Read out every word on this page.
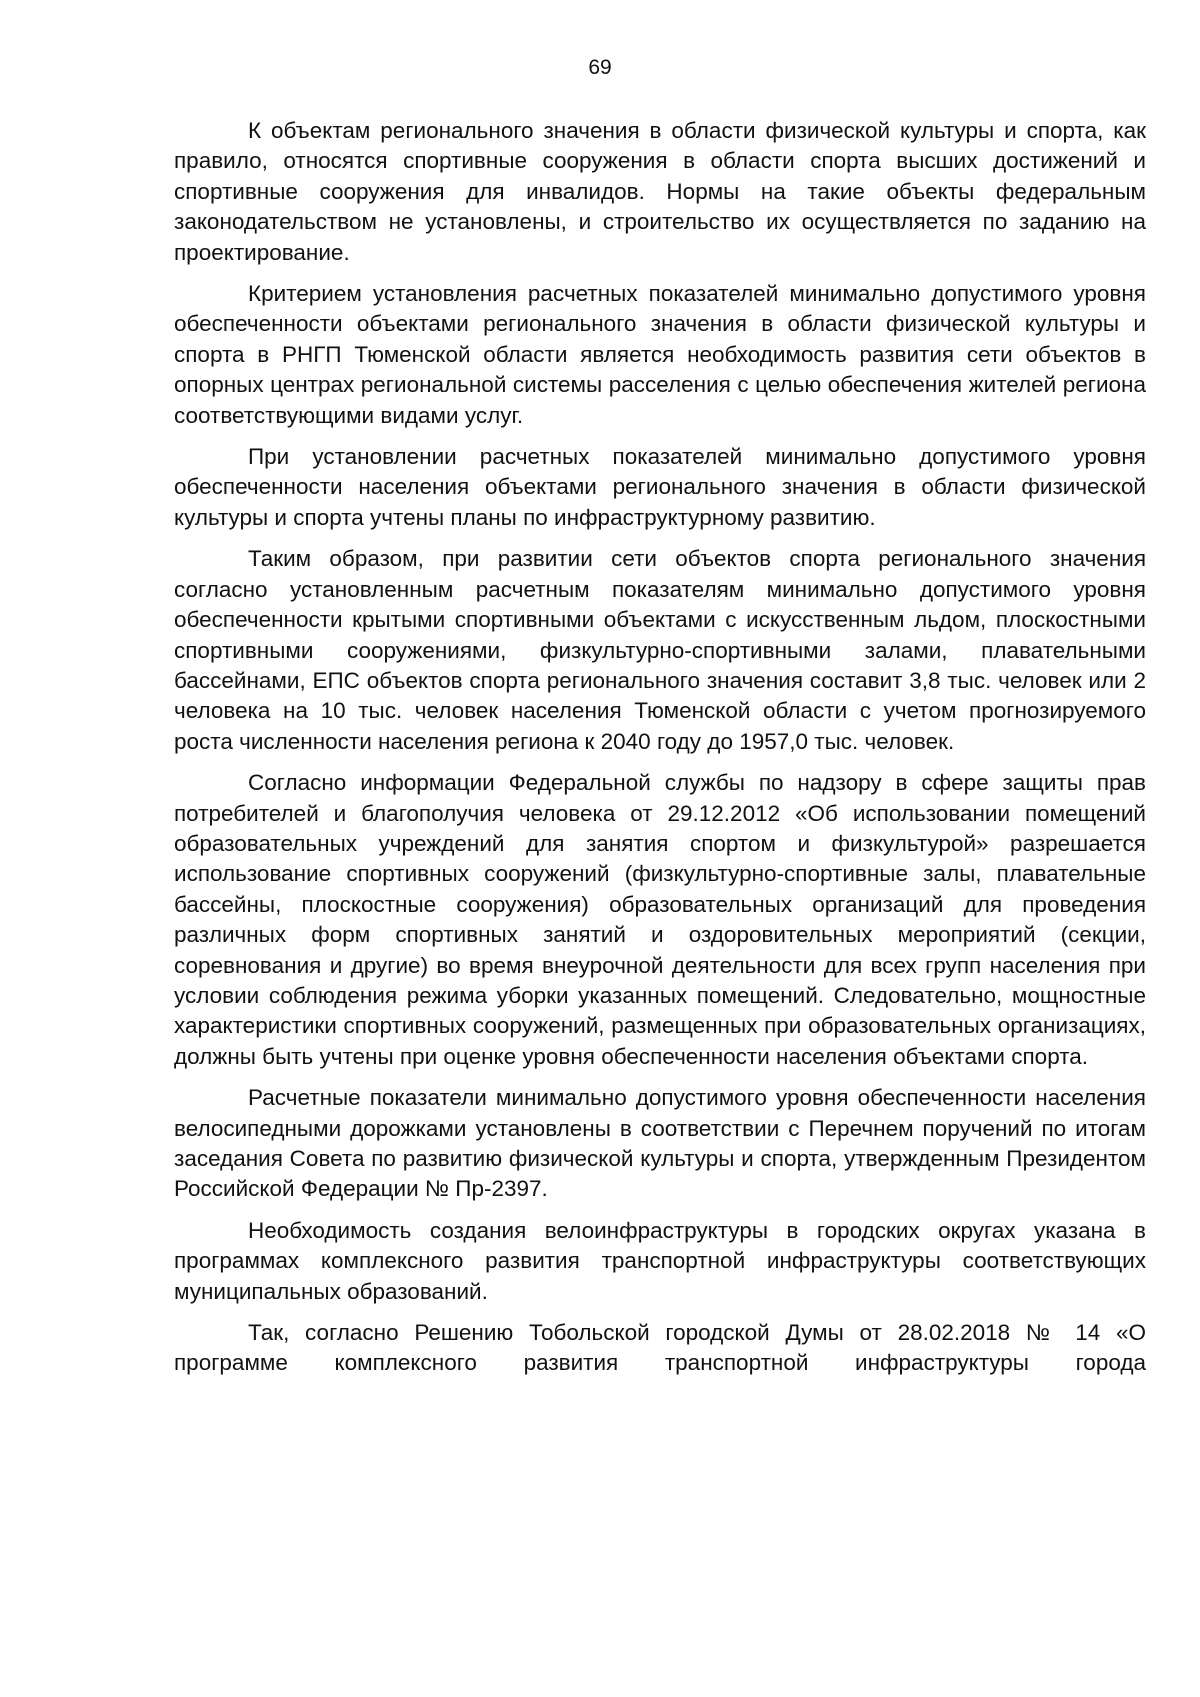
69

К объектам регионального значения в области физической культуры и спорта, как правило, относятся спортивные сооружения в области спорта высших достижений и спортивные сооружения для инвалидов. Нормы на такие объекты федеральным законодательством не установлены, и строительство их осуществляется по заданию на проектирование.

Критерием установления расчетных показателей минимально допустимого уровня обеспеченности объектами регионального значения в области физической культуры и спорта в РНГП Тюменской области является необходимость развития сети объектов в опорных центрах региональной системы расселения с целью обеспечения жителей региона соответствующими видами услуг.

При установлении расчетных показателей минимально допустимого уровня обеспеченности населения объектами регионального значения в области физической культуры и спорта учтены планы по инфраструктурному развитию.

Таким образом, при развитии сети объектов спорта регионального значения согласно установленным расчетным показателям минимально допустимого уровня обеспеченности крытыми спортивными объектами с искусственным льдом, плоскостными спортивными сооружениями, физкультурно-спортивными залами, плавательными бассейнами, ЕПС объектов спорта регионального значения составит 3,8 тыс. человек или 2 человека на 10 тыс. человек населения Тюменской области с учетом прогнозируемого роста численности населения региона к 2040 году до 1957,0 тыс. человек.

Согласно информации Федеральной службы по надзору в сфере защиты прав потребителей и благополучия человека от 29.12.2012 «Об использовании помещений образовательных учреждений для занятия спортом и физкультурой» разрешается использование спортивных сооружений (физкультурно-спортивные залы, плавательные бассейны, плоскостные сооружения) образовательных организаций для проведения различных форм спортивных занятий и оздоровительных мероприятий (секции, соревнования и другие) во время внеурочной деятельности для всех групп населения при условии соблюдения режима уборки указанных помещений. Следовательно, мощностные характеристики спортивных сооружений, размещенных при образовательных организациях, должны быть учтены при оценке уровня обеспеченности населения объектами спорта.

Расчетные показатели минимально допустимого уровня обеспеченности населения велосипедными дорожками установлены в соответствии с Перечнем поручений по итогам заседания Совета по развитию физической культуры и спорта, утвержденным Президентом Российской Федерации № Пр-2397.

Необходимость создания велоинфраструктуры в городских округах указана в программах комплексного развития транспортной инфраструктуры соответствующих муниципальных образований.

Так, согласно Решению Тобольской городской Думы от 28.02.2018 № 14 «О программе комплексного развития транспортной инфраструктуры города
